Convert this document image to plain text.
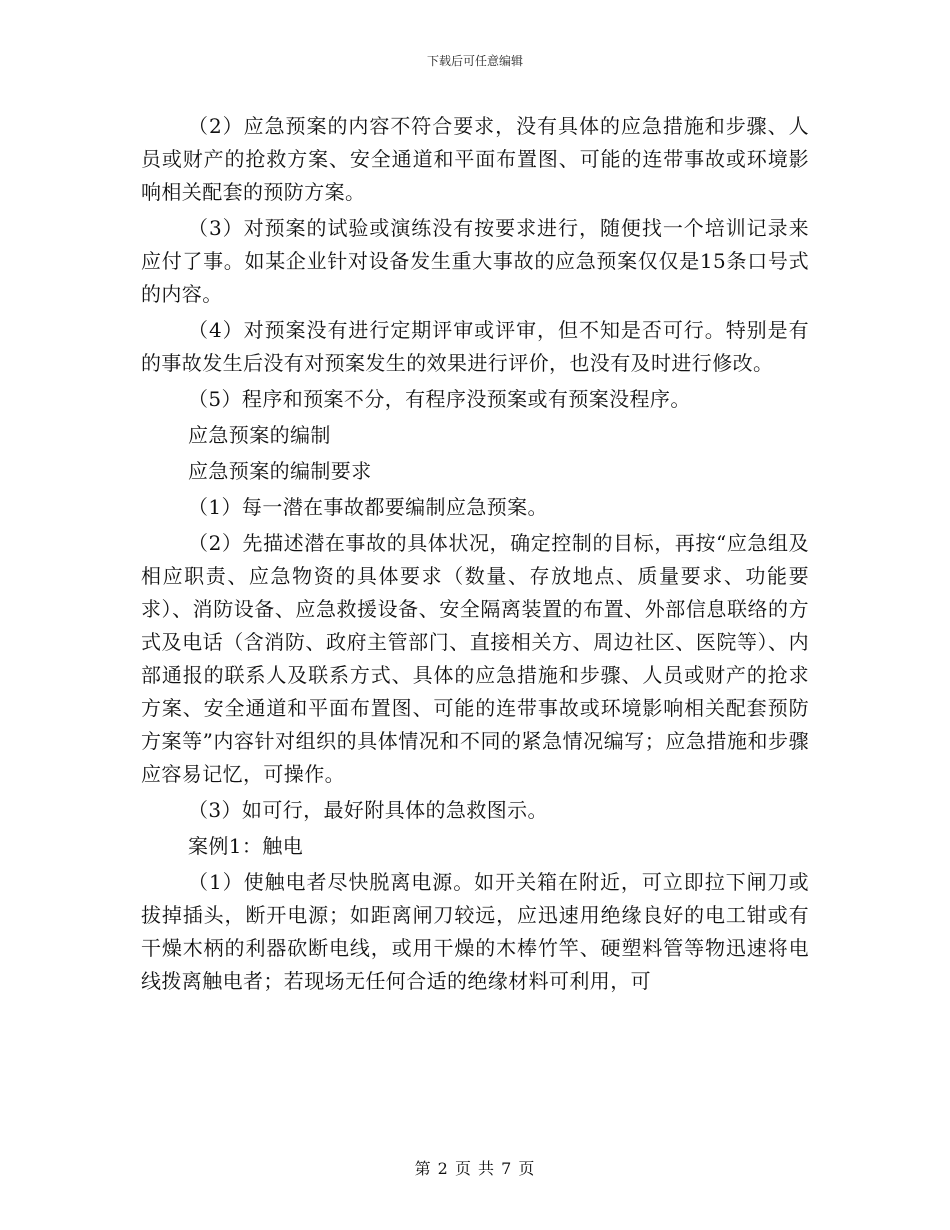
下载后可任意编辑

（2）应急预案的内容不符合要求，没有具体的应急措施和步骤、人员或财产的抢救方案、安全通道和平面布置图、可能的连带事故或环境影响相关配套的预防方案。

（3）对预案的试验或演练没有按要求进行，随便找一个培训记录来应付了事。如某企业针对设备发生重大事故的应急预案仅仅是15条口号式的内容。

（4）对预案没有进行定期评审或评审，但不知是否可行。特别是有的事故发生后没有对预案发生的效果进行评价，也没有及时进行修改。

（5）程序和预案不分，有程序没预案或有预案没程序。

应急预案的编制

应急预案的编制要求

（1）每一潜在事故都要编制应急预案。

（2）先描述潜在事故的具体状况，确定控制的目标，再按“应急组及相应职责、应急物资的具体要求（数量、存放地点、质量要求、功能要求）、消防设备、应急救援设备、安全隔离装置的布置、外部信息联络的方式及电话（含消防、政府主管部门、直接相关方、周边社区、医院等）、内部通报的联系人及联系方式、具体的应急措施和步骤、人员或财产的抢求方案、安全通道和平面布置图、可能的连带事故或环境影响相关配套预防方案等”内容针对组织的具体情况和不同的紧急情况编写；应急措施和步骤应容易记忆，可操作。

（3）如可行，最好附具体的急救图示。

案例1：触电

（1）使触电者尽快脱离电源。如开关箱在附近，可立即拉下闸刀或拔掉插头，断开电源；如距离闸刀较远，应迅速用绝缘良好的电工钳或有干燥木柄的利器砍断电线，或用干燥的木棒竹竿、硬塑料管等物迅速将电线拨离触电者；若现场无任何合适的绝缘材料可利用，可

第 2 页 共 7 页
